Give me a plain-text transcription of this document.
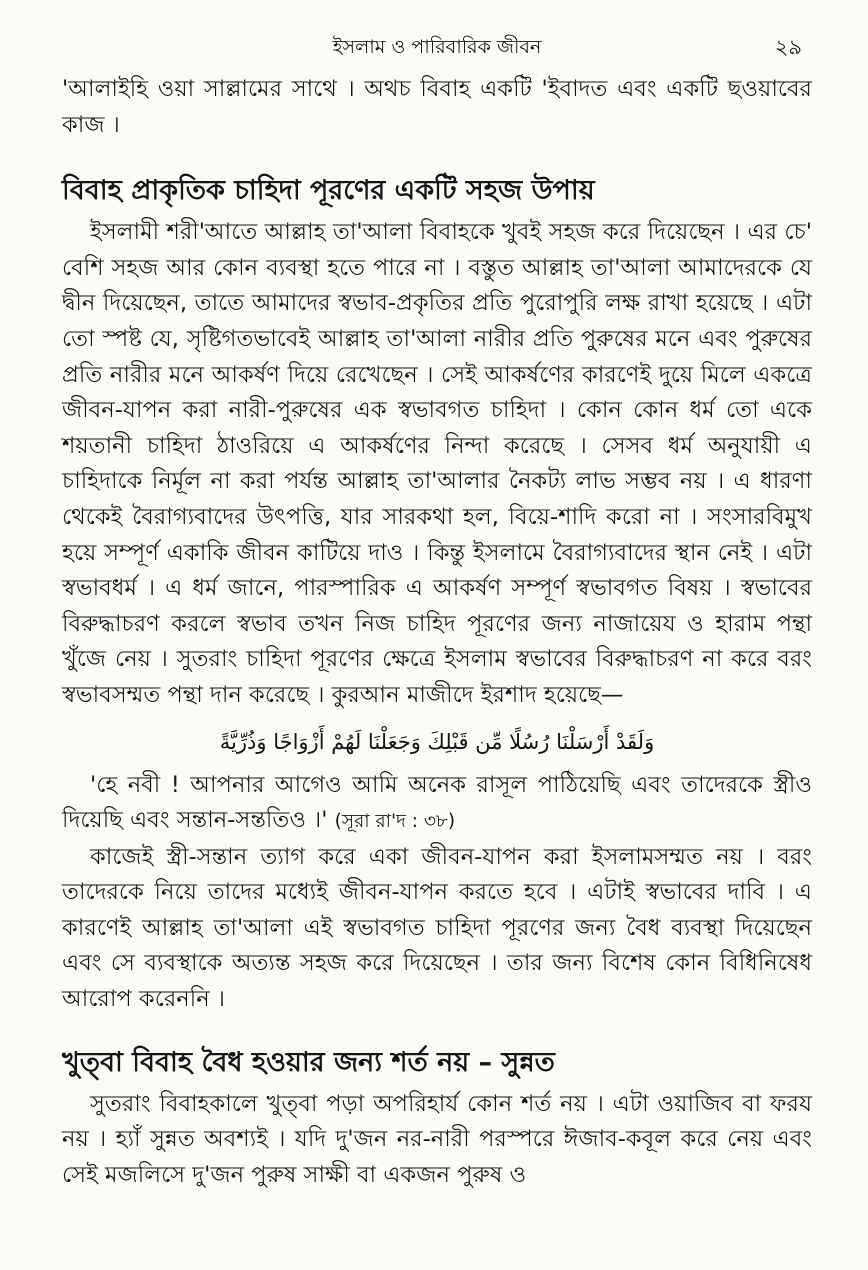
ইসলাম ও পারিবারিক জীবন	২৯

'আলাইহি ওয়া সাল্লামের সাথে । অথচ বিবাহ একটি 'ইবাদত এবং একটি ছওয়াবের কাজ ।

বিবাহ প্রাকৃতিক চাহিদা পূরণের একটি সহজ উপায়

ইসলামী শরী'আতে আল্লাহ তা'আলা বিবাহকে খুবই সহজ করে দিয়েছেন । এর চে' বেশি সহজ আর কোন ব্যবস্থা হতে পারে না । বস্তুত আল্লাহ তা'আলা আমাদেরকে যে দ্বীন দিয়েছেন, তাতে আমাদের স্বভাব-প্রকৃতির প্রতি পুরোপুরি লক্ষ রাখা হয়েছে । এটা তো স্পষ্ট যে, সৃষ্টিগতভাবেই আল্লাহ তা'আলা নারীর প্রতি পুরুষের মনে এবং পুরুষের প্রতি নারীর মনে আকর্ষণ দিয়ে রেখেছেন । সেই আকর্ষণের কারণেই দুয়ে মিলে একত্রে জীবন-যাপন করা নারী-পুরুষের এক স্বভাবগত চাহিদা । কোন কোন ধর্ম তো একে শয়তানী চাহিদা ঠাওরিয়ে এ আকর্ষণের নিন্দা করেছে । সেসব ধর্ম অনুযায়ী এ চাহিদাকে নির্মূল না করা পর্যন্ত আল্লাহ তা'আলার নৈকট্য লাভ সম্ভব নয় । এ ধারণা থেকেই বৈরাগ্যবাদের উৎপত্তি, যার সারকথা হল, বিয়ে-শাদি করো না । সংসারবিমুখ হয়ে সম্পূর্ণ একাকি জীবন কাটিয়ে দাও । কিন্তু ইসলামে বৈরাগ্যবাদের স্থান নেই । এটা স্বভাবধর্ম । এ ধর্ম জানে, পারস্পারিক এ আকর্ষণ সম্পূর্ণ স্বভাবগত বিষয় । স্বভাবের বিরুদ্ধাচরণ করলে স্বভাব তখন নিজ চাহিদ পূরণের জন্য নাজায়েয ও হারাম পন্থা খুঁজে নেয় । সুতরাং চাহিদা পূরণের ক্ষেত্রে ইসলাম স্বভাবের বিরুদ্ধাচরণ না করে বরং স্বভাবসম্মত পন্থা দান করেছে । কুরআন মাজীদে ইরশাদ হয়েছে—

وَلَقَدْ أَرْسَلْنَا رُسُلًا مِّن قَبْلِكَ وَجَعَلْنَا لَهُمْ أَزْوَاجًا وَذُرِّيَّةً

'হে নবী ! আপনার আগেও আমি অনেক রাসূল পাঠিয়েছি এবং তাদেরকে স্ত্রীও দিয়েছি এবং সন্তান-সন্ততিও ।' (সূরা রা'দ : ৩৮)

কাজেই স্ত্রী-সন্তান ত্যাগ করে একা জীবন-যাপন করা ইসলামসম্মত নয় । বরং তাদেরকে নিয়ে তাদের মধ্যেই জীবন-যাপন করতে হবে । এটাই স্বভাবের দাবি । এ কারণেই আল্লাহ তা'আলা এই স্বভাবগত চাহিদা পূরণের জন্য বৈধ ব্যবস্থা দিয়েছেন এবং সে ব্যবস্থাকে অত্যন্ত সহজ করে দিয়েছেন । তার জন্য বিশেষ কোন বিধিনিষেধ আরোপ করেননি ।

খুত্‌বা বিবাহ বৈধ হওয়ার জন্য শর্ত নয় – সুন্নত

সুতরাং বিবাহকালে খুত্‌বা পড়া অপরিহার্য কোন শর্ত নয় । এটা ওয়াজিব বা ফরয নয় । হ্যাঁ সুন্নত অবশ্যই । যদি দু'জন নর-নারী পরস্পরে ঈজাব-কবূল করে নেয় এবং সেই মজলিসে দু'জন পুরুষ সাক্ষী বা একজন পুরুষ ও
